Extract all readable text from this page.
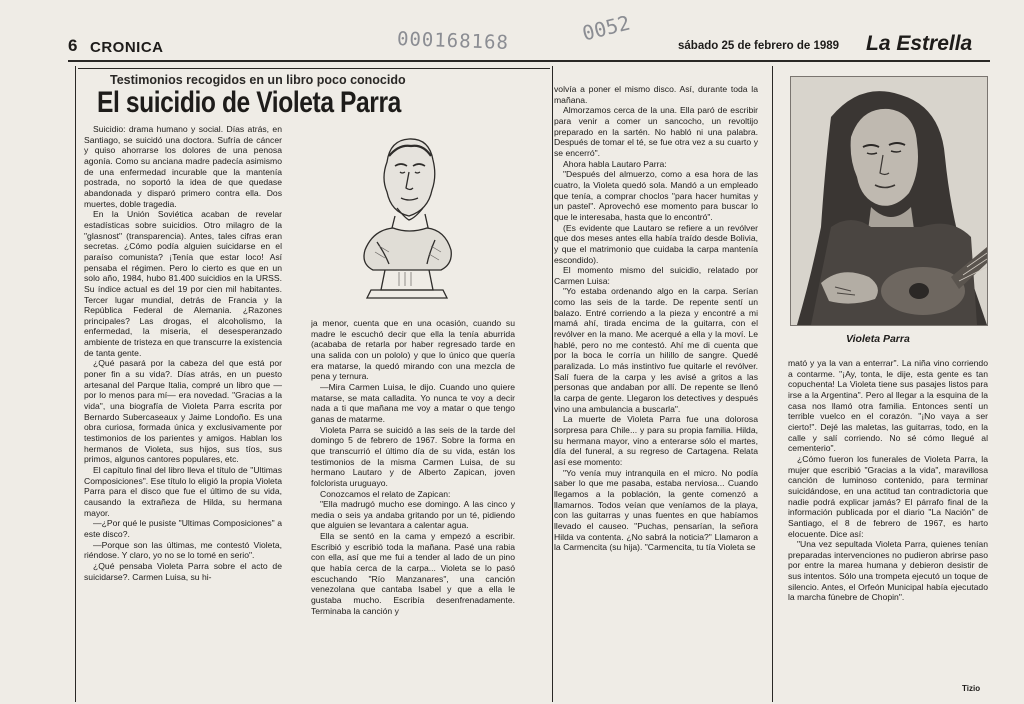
6 CRONICA	000168168	0052
sábado 25 de febrero de 1989 La Estrella
Testimonios recogidos en un libro poco conocido
El suicidio de Violeta Parra

Suicidio: drama humano y social. Días atrás, en Santiago, se suicidó una doctora. Sufría de cáncer y quiso ahorrarse los dolores de una penosa agonía. Como su anciana madre padecía asimismo de una enfermedad incurable que la mantenía postrada, no soportó la idea de que quedase abandonada y disparó primero contra ella. Dos muertes, doble tragedia.

En la Unión Soviética acaban de revelar estadísticas sobre suicidios. Otro milagro de la "glasnost" (transparencia). Antes, tales cifras eran secretas. ¿Cómo podía alguien suicidarse en el paraíso comunista? ¡Tenía que estar loco! Así pensaba el régimen. Pero lo cierto es que en un solo año, 1984, hubo 81.400 suicidios en la URSS. Su índice actual es del 19 por cien mil habitantes. Tercer lugar mundial, detrás de Francia y la República Federal de Alemania. ¿Razones principales? Las drogas, el alcoholismo, la enfermedad, la miseria, el desesperanzado ambiente de tristeza en que transcurre la existencia de tanta gente.

¿Qué pasará por la cabeza del que está por poner fin a su vida?. Días atrás, en un puesto artesanal del Parque Italia, compré un libro que —por lo menos para mí— era novedad. "Gracias a la vida", una biografía de Violeta Parra escrita por Bernardo Subercaseaux y Jaime Londoño. Es una obra curiosa, formada única y exclusivamente por testimonios de los parientes y amigos. Hablan los hermanos de Violeta, sus hijos, sus tíos, sus primos, algunos cantores populares, etc.

El capítulo final del libro lleva el título de "Ultimas Composiciones". Ese título lo eligió la propia Violeta Parra para el disco que fue el último de su vida, causando la extrañeza de Hilda, su hermana mayor.

—¿Por qué le pusiste "Ultimas Composiciones" a este disco?.

—Porque son las últimas, me contestó Violeta, riéndose. Y claro, yo no se lo tomé en serio".

¿Qué pensaba Violeta Parra sobre el acto de suicidarse?. Carmen Luisa, su hi-

ja menor, cuenta que en una ocasión, cuando su madre le escuchó decir que ella la tenía aburrida (acababa de retarla por haber regresado tarde en una salida con un pololo) y que lo único que quería era matarse, la quedó mirando con una mezcla de pena y ternura.

—Mira Carmen Luisa, le dijo. Cuando uno quiere matarse, se mata calladita. Yo nunca te voy a decir nada a ti que mañana me voy a matar o que tengo ganas de matarme.

Violeta Parra se suicidó a las seis de la tarde del domingo 5 de febrero de 1967. Sobre la forma en que transcurrió el último día de su vida, están los testimonios de la misma Carmen Luisa, de su hermano Lautaro y de Alberto Zapican, joven folclorista uruguayo.

Conozcamos el relato de Zapican:

"Ella madrugó mucho ese domingo. A las cinco y media o seis ya andaba gritando por un té, pidiendo que alguien se levantara a calentar agua.

Ella se sentó en la cama y empezó a escribir. Escribió y escribió toda la mañana. Pasé una rabia con ella, así que me fui a tender al lado de un pino que había cerca de la carpa... Violeta se lo pasó escuchando "Río Manzanares", una canción venezolana que cantaba Isabel y que a ella le gustaba mucho. Escribía desenfrenadamente. Terminaba la canción y

volvía a poner el mismo disco. Así, durante toda la mañana.

Almorzamos cerca de la una. Ella paró de escribir para venir a comer un sancocho, un revoltijo preparado en la sartén. No habló ni una palabra. Después de tomar el té, se fue otra vez a su cuarto y se encerró".

Ahora habla Lautaro Parra:

"Después del almuerzo, como a esa hora de las cuatro, la Violeta quedó sola. Mandó a un empleado que tenía, a comprar choclos "para hacer humitas y un pastel". Aprovechó ese momento para buscar lo que le interesaba, hasta que lo encontró".

(Es evidente que Lautaro se refiere a un revólver que dos meses antes ella había traído desde Bolivia, y que el matrimonio que cuidaba la carpa mantenía escondido).

El momento mismo del suicidio, relatado por Carmen Luisa:

"Yo estaba ordenando algo en la carpa. Serían como las seis de la tarde. De repente sentí un balazo. Entré corriendo a la pieza y encontré a mi mamá ahí, tirada encima de la guitarra, con el revólver en la mano. Me acerqué a ella y la moví. Le hablé, pero no me contestó. Ahí me di cuenta que por la boca le corría un hilillo de sangre. Quedé paralizada. Lo más instintivo fue quitarle el revólver. Salí fuera de la carpa y les avisé a gritos a las personas que andaban por allí. De repente se llenó la carpa de gente. Llegaron los detectives y después vino una ambulancia a buscarla".

La muerte de Violeta Parra fue una dolorosa sorpresa para Chile... y para su propia familia. Hilda, su hermana mayor, vino a enterarse sólo el martes, día del funeral, a su regreso de Cartagena. Relata así ese momento:

"Yo venía muy intranquila en el micro. No podía saber lo que me pasaba, estaba nerviosa... Cuando llegamos a la población, la gente comenzó a llamarnos. Todos veían que veníamos de la playa, con las guitarras y unas fuentes en que habíamos llevado el causeo. "Puchas, pensarían, la señora Hilda va contenta. ¿No sabrá la noticia?" Llamaron a la Carmencita (su hija). "Carmencita, tu tía Violeta se

Violeta Parra

mató y ya la van a enterrar". La niña vino corriendo a contarme. "¡Ay, tonta, le dije, esta gente es tan copuchenta! La Violeta tiene sus pasajes listos para irse a la Argentina". Pero al llegar a la esquina de la casa nos llamó otra familia. Entonces sentí un terrible vuelco en el corazón. "¡No vaya a ser cierto!". Dejé las maletas, las guitarras, todo, en la calle y salí corriendo. No sé cómo llegué al cementerio".

¿Cómo fueron los funerales de Violeta Parra, la mujer que escribió "Gracias a la vida", maravillosa canción de luminoso contenido, para terminar suicidándose, en una actitud tan contradictoria que nadie podrá explicar jamás? El párrafo final de la información publicada por el diario "La Nación" de Santiago, el 8 de febrero de 1967, es harto elocuente. Dice así:

"Una vez sepultada Violeta Parra, quienes tenían preparadas intervenciones no pudieron abrirse paso por entre la marea humana y debieron desistir de sus intentos. Sólo una trompeta ejecutó un toque de silencio. Antes, el Orfeón Municipal había ejecutado la marcha fúnebre de Chopin".

Tizio
